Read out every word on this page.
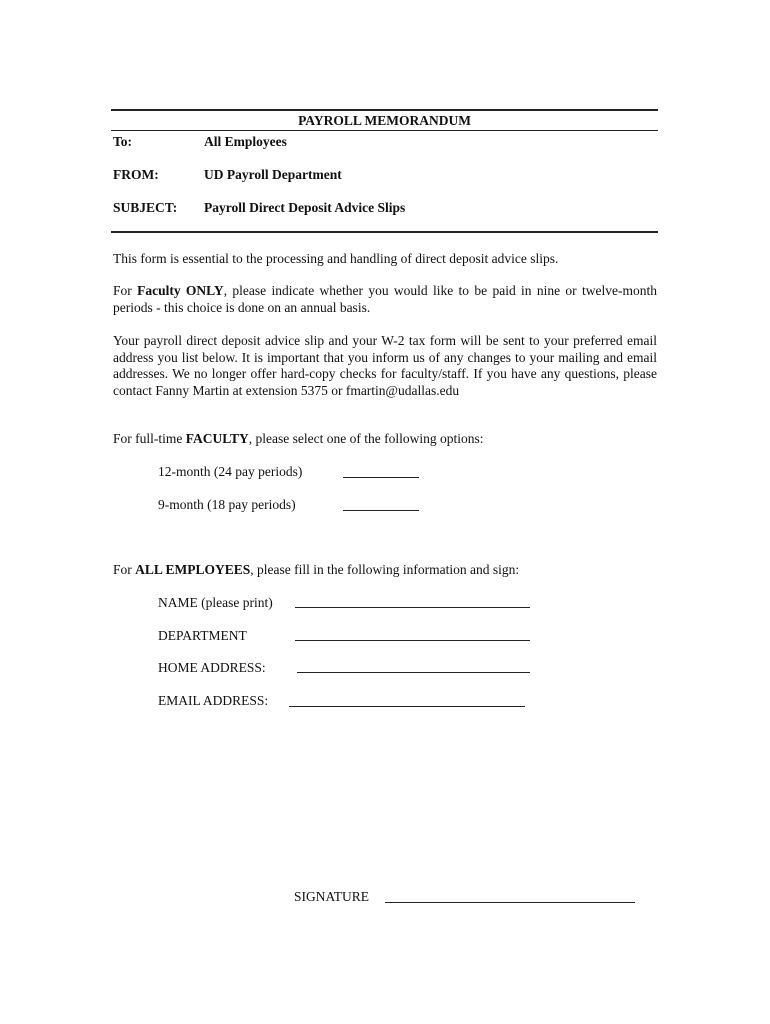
PAYROLL MEMORANDUM
To:	All Employees
FROM:	UD Payroll Department
SUBJECT: Payroll Direct Deposit Advice Slips
This form is essential to the processing and handling of direct deposit advice slips.
For Faculty ONLY, please indicate whether you would like to be paid in nine or twelve-month periods - this choice is done on an annual basis.
Your payroll direct deposit advice slip and your W-2 tax form will be sent to your preferred email address you list below. It is important that you inform us of any changes to your mailing and email addresses. We no longer offer hard-copy checks for faculty/staff. If you have any questions, please contact Fanny Martin at extension 5375 or fmartin@udallas.edu
For full-time FACULTY, please select one of the following options:
12-month (24 pay periods)
9-month (18 pay periods)
For ALL EMPLOYEES, please fill in the following information and sign:
NAME (please print)
DEPARTMENT
HOME ADDRESS:
EMAIL ADDRESS:
SIGNATURE
